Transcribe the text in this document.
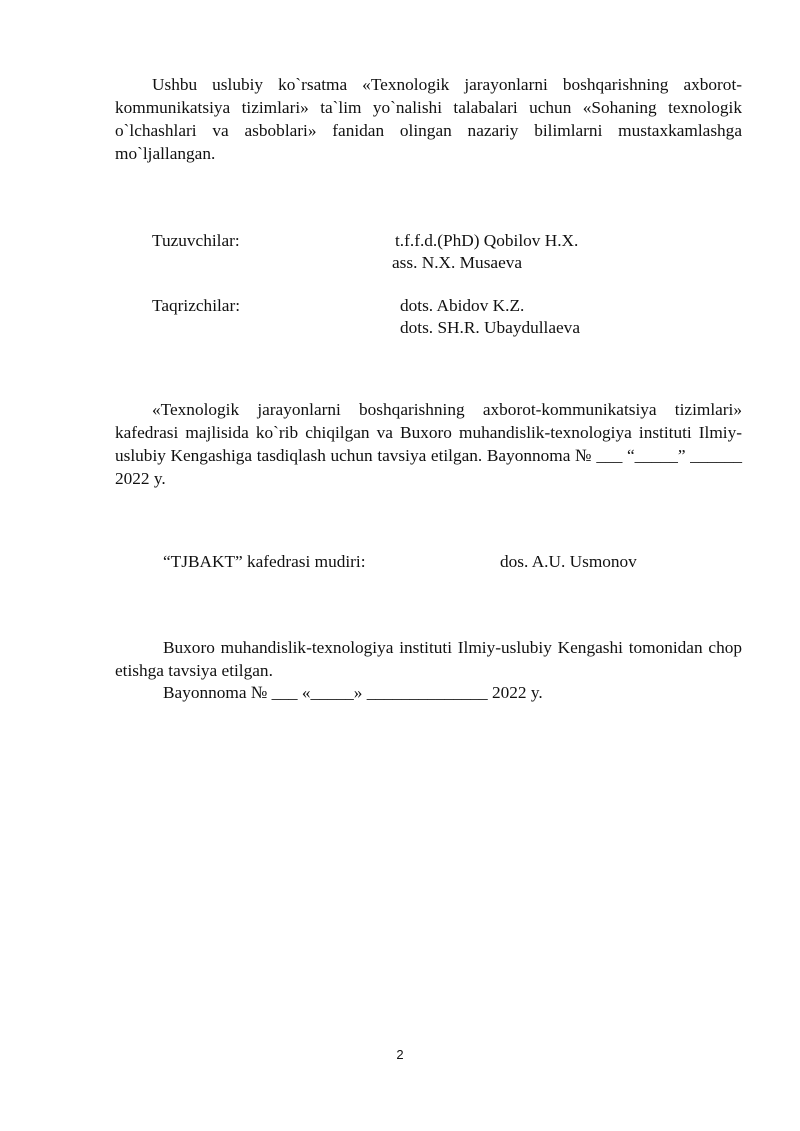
Ushbu uslubiy ko`rsatma «Texnologik jarayonlarni boshqarishning axborot-kommunikatsiya tizimlari» ta`lim yo`nalishi talabalari uchun «Sohaning texnologik o`lchashlari va asboblari» fanidan olingan nazariy bilimlarni mustaxkamlashga mo`ljallangan.

Tuzuvchilar:	t.f.f.d.(PhD) Qobilov H.X.
ass. N.X. Musaeva
Taqrizchilar:	dots. Abidov K.Z.
dots. SH.R. Ubaydullaeva

«Texnologik jarayonlarni boshqarishning axborot-kommunikatsiya tizimlari» kafedrasi majlisida ko`rib chiqilgan va Buxoro muhandislik-texnologiya instituti Ilmiy-uslubiy Kengashiga tasdiqlash uchun tavsiya etilgan. Bayonnoma № ___ “_____” ______ 2022 y.

“TJBAKT” kafedrasi mudiri:	dos. A.U. Usmonov

Buxoro muhandislik-texnologiya instituti Ilmiy-uslubiy Kengashi tomonidan chop etishga tavsiya etilgan.

Bayonnoma № ___ «_____» ______________ 2022 y.
2
